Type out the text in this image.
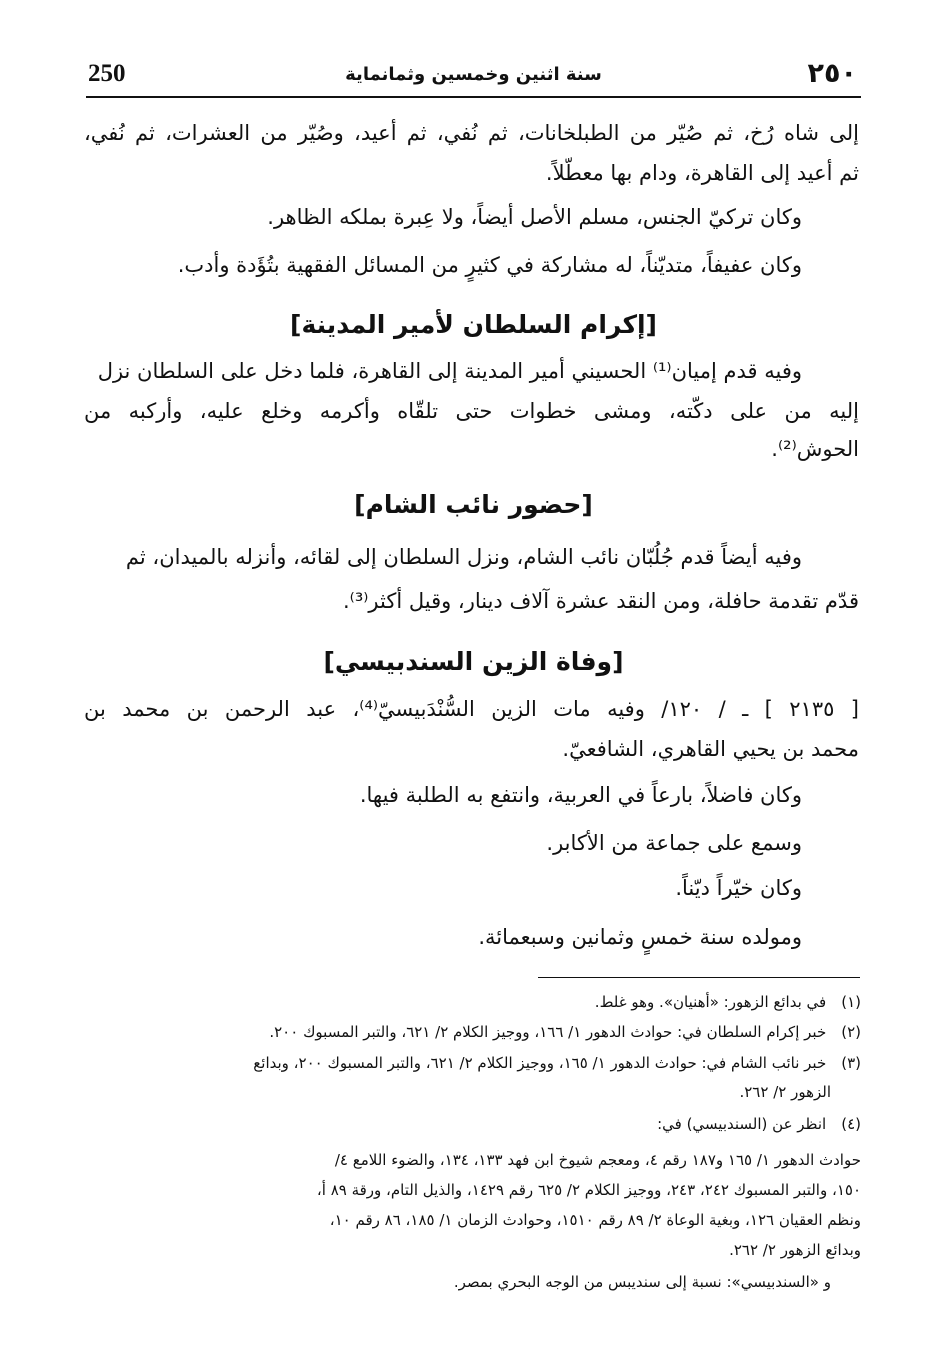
250	سنة اثنين وخمسين وثمانماية	٢٥٠
إلى شاه رُخ، ثم صُيّر من الطبلخانات، ثم نُفي، ثم أعيد، وصُيّر من العشرات، ثم نُفي،
ثم أعيد إلى القاهرة، ودام بها معطّلاً.
وكان تركيّ الجنس، مسلم الأصل أيضاً، ولا عِبرة بملكه الظاهر.
وكان عفيفاً، متديّناً، له مشاركة في كثيرٍ من المسائل الفقهية بتُؤَدة وأدب.
[إكرام السلطان لأمير المدينة]
وفيه قدم إميان⁽¹⁾ الحسيني أمير المدينة إلى القاهرة، فلما دخل على السلطان نزل
إليه من على دكّته، ومشى خطوات حتى تلقّاه وأكرمه وخلع عليه، وأركبه من
الحوش⁽²⁾.
[حضور نائب الشام]
وفيه أيضاً قدم جُلُبّان نائب الشام، ونزل السلطان إلى لقائه، وأنزله بالميدان، ثم
قدّم تقدمة حافلة، ومن النقد عشرة آلاف دينار، وقيل أكثر⁽³⁾.
[وفاة الزين السندبيسي]
[ ٢١٣٥ ] ـ / ١٢٠/ وفيه مات الزين السُّنْدَبيسيّ⁽⁴⁾، عبد الرحمن بن محمد بن
محمد بن يحيي القاهري، الشافعيّ.
وكان فاضلاً، بارعاً في العربية، وانتفع به الطلبة فيها.
وسمع على جماعة من الأكابر.
وكان خيّراً ديّناً.
ومولده سنة خمسٍ وثمانين وسبعمائة.
(١) في بدائع الزهور: «أهنيان». وهو غلط.
(٢) خبر إكرام السلطان في: حوادث الدهور ١/ ١٦٦، ووجيز الكلام ٢/ ٦٢١، والتبر المسبوك ٢٠٠.
(٣) خبر نائب الشام في: حوادث الدهور ١/ ١٦٥، ووجيز الكلام ٢/ ٦٢١، والتبر المسبوك ٢٠٠، وبدائع
الزهور ٢/ ٢٦٢.
(٤) انظر عن (السندبيسي) في:
حوادث الدهور ١/ ١٦٥ و١٨٧ رقم ٤، ومعجم شيوخ ابن فهد ١٣٣، ١٣٤، والضوء اللامع ٤/
١٥٠، والتبر المسبوك ٢٤٢، ٢٤٣، ووجيز الكلام ٢/ ٦٢٥ رقم ١٤٢٩، والذيل التام، ورقة ٨٩ أ،
ونظم العقيان ١٢٦، وبغية الوعاة ٢/ ٨٩ رقم ١٥١٠، وحوادث الزمان ١/ ١٨٥، ٨٦ رقم ١٠،
وبدائع الزهور ٢/ ٢٦٢.
و «السندبيسي»: نسبة إلى سنديبس من الوجه البحري بمصر.
